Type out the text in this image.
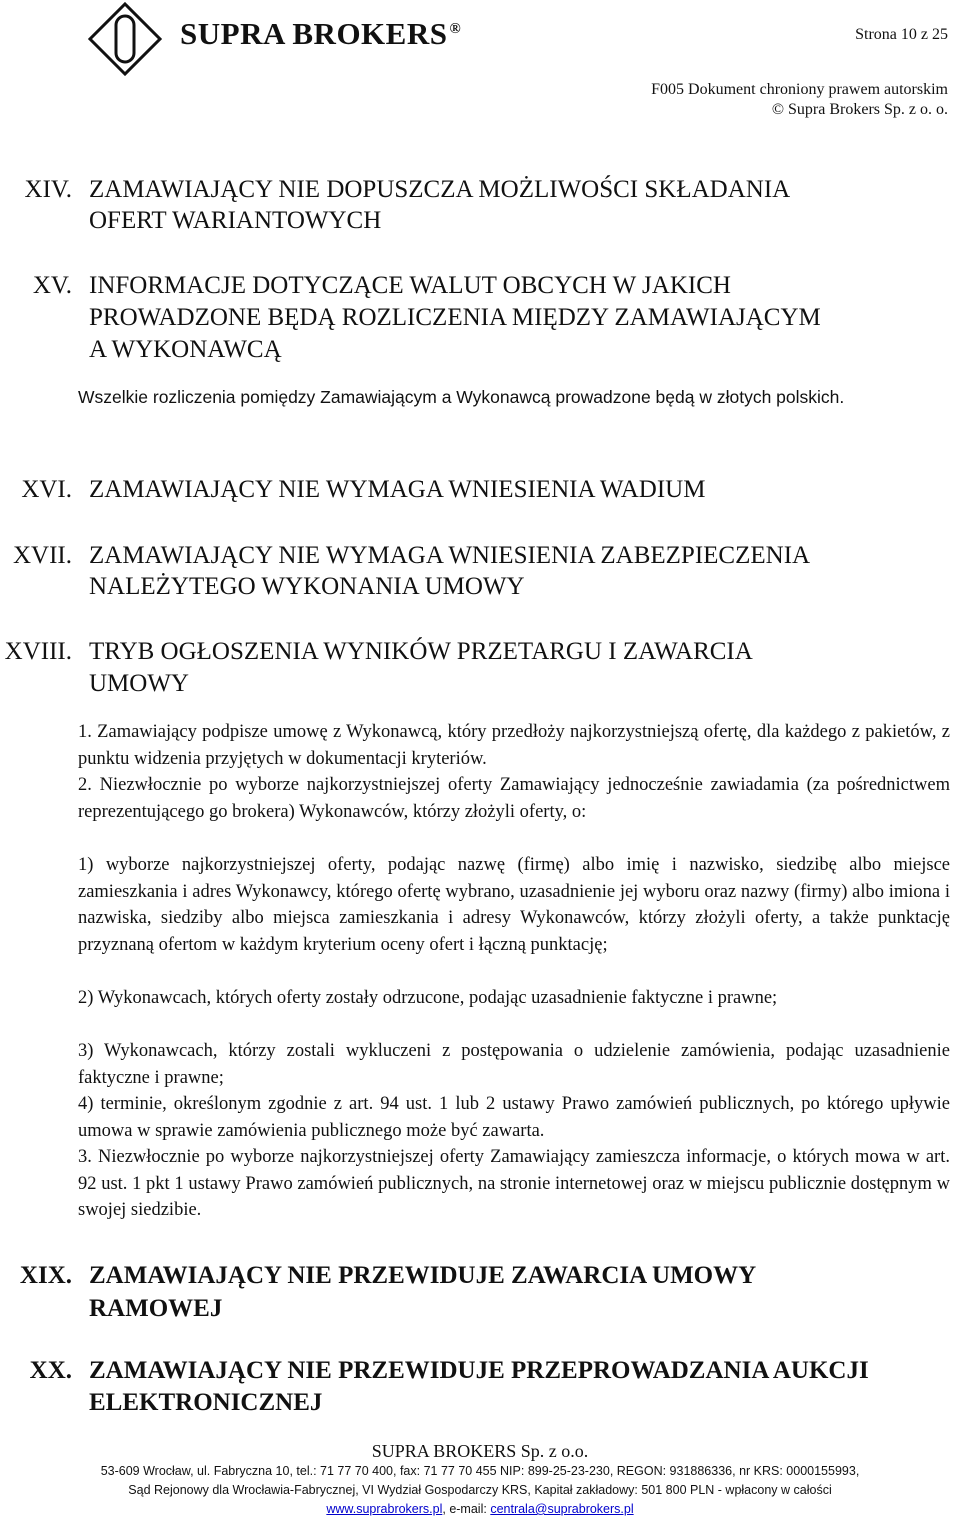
SUPRA BROKERS ®	Strona 10 z 25
F005 Dokument chroniony prawem autorskim
© Supra Brokers Sp. z o. o.
XIV. ZAMAWIAJĄCY NIE DOPUSZCZA MOŻLIWOŚCI SKŁADANIA
OFERT WARIANTOWYCH
XV. INFORMACJE DOTYCZĄCE WALUT OBCYCH W JAKICH
PROWADZONE BĘDĄ ROZLICZENIA MIĘDZY ZAMAWIAJĄCYM
A WYKONAWCĄ
Wszelkie rozliczenia pomiędzy Zamawiającym a Wykonawcą prowadzone będą w złotych polskich.
XVI. ZAMAWIAJĄCY NIE WYMAGA WNIESIENIA WADIUM
XVII. ZAMAWIAJĄCY NIE WYMAGA WNIESIENIA ZABEZPIECZENIA
NALEŻYTEGO WYKONANIA UMOWY
XVIII. TRYB OGŁOSZENIA WYNIKÓW PRZETARGU I ZAWARCIA
UMOWY
1. Zamawiający podpisze umowę z Wykonawcą, który przedłoży najkorzystniejszą ofertę, dla każdego z pakietów, z punktu widzenia przyjętych w dokumentacji kryteriów.
2. Niezwłocznie po wyborze najkorzystniejszej oferty Zamawiający jednocześnie zawiadamia (za pośrednictwem reprezentującego go brokera) Wykonawców, którzy złożyli oferty, o:
1) wyborze najkorzystniejszej oferty, podając nazwę (firmę) albo imię i nazwisko, siedzibę albo miejsce zamieszkania i adres Wykonawcy, którego ofertę wybrano, uzasadnienie jej wyboru oraz nazwy (firmy) albo imiona i nazwiska, siedziby albo miejsca zamieszkania i adresy Wykonawców, którzy złożyli oferty, a także punktację przyznaną ofertom w każdym kryterium oceny ofert i łączną punktację;
2) Wykonawcach, których oferty zostały odrzucone, podając uzasadnienie faktyczne i prawne;
3) Wykonawcach, którzy zostali wykluczeni z postępowania o udzielenie zamówienia, podając uzasadnienie faktyczne i prawne;
4) terminie, określonym zgodnie z art. 94 ust. 1 lub 2 ustawy Prawo zamówień publicznych, po którego upływie umowa w sprawie zamówienia publicznego może być zawarta.
3. Niezwłocznie po wyborze najkorzystniejszej oferty Zamawiający zamieszcza informacje, o których mowa w art. 92 ust. 1 pkt 1 ustawy Prawo zamówień publicznych, na stronie internetowej oraz w miejscu publicznie dostępnym w swojej siedzibie.
XIX. ZAMAWIAJĄCY NIE PRZEWIDUJE ZAWARCIA UMOWY
RAMOWEJ
XX. ZAMAWIAJĄCY NIE PRZEWIDUJE PRZEPROWADZANIA AUKCJI
ELEKTRONICZNEJ
SUPRA BROKERS Sp. z o.o.
53-609 Wrocław, ul. Fabryczna 10, tel.: 71 77 70 400, fax: 71 77 70 455 NIP: 899-25-23-230, REGON: 931886336, nr KRS: 0000155993,
Sąd Rejonowy dla Wrocławia-Fabrycznej, VI Wydział Gospodarczy KRS, Kapitał zakładowy: 501 800 PLN - wpłacony w całości
www.suprabrokers.pl, e-mail: centrala@suprabrokers.pl
